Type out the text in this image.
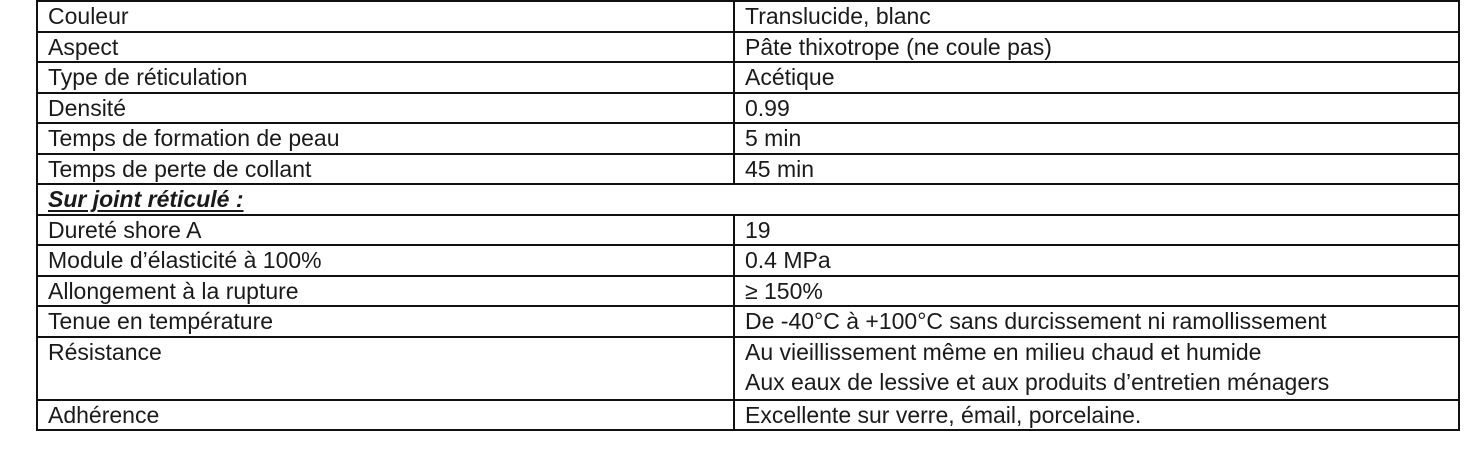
Couleur	Translucide, blanc
Aspect	Pâte thixotrope (ne coule pas)
Type de réticulation	Acétique
Densité	0.99
Temps de formation de peau	5 min
Temps de perte de collant	45 min
Sur joint réticulé :	
Dureté shore A	19
Module d’élasticité à 100%	0.4 MPa
Allongement à la rupture	≥ 150%
Tenue en température	De -40°C à +100°C sans durcissement ni ramollissement
Résistance	Au vieillissement même en milieu chaud et humide
Aux eaux de lessive et aux produits d’entretien ménagers

Adhérence	Excellente sur verre, émail, porcelaine.
